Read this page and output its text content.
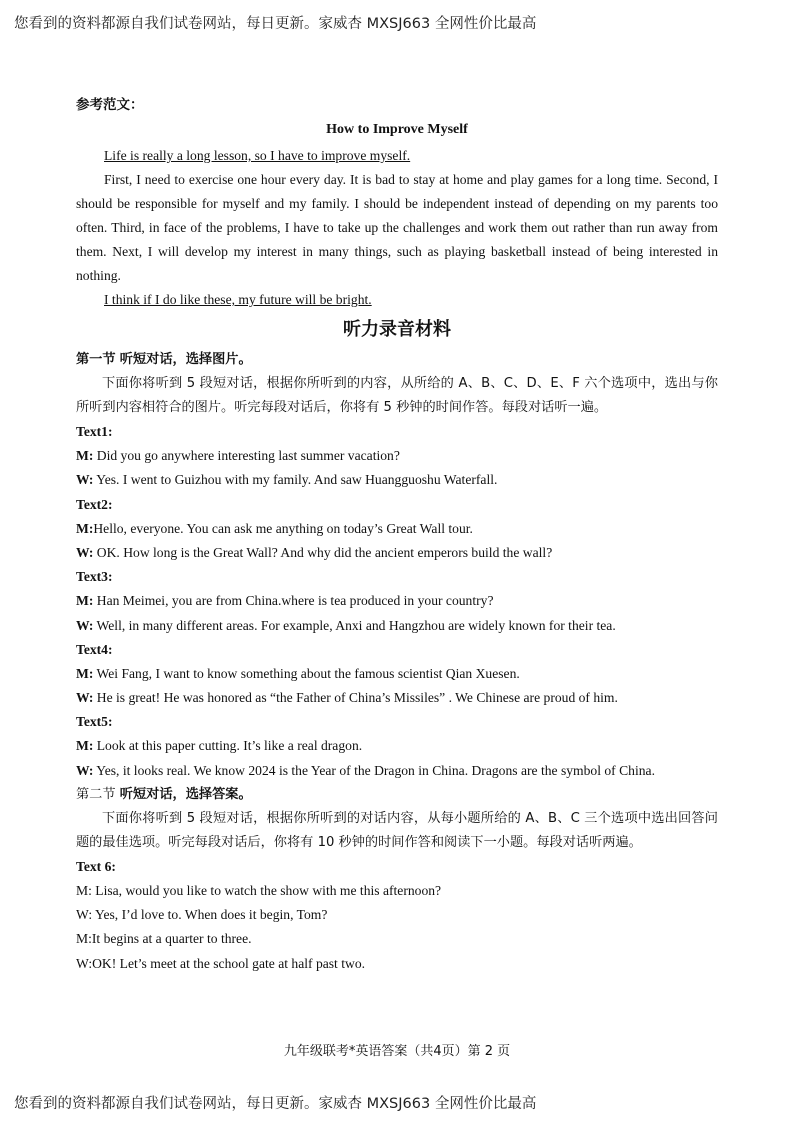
您看到的资料都源自我们试卷网站，每日更新。家威杏 MXSJ663 全网性价比最高

参考范文：

How to Improve Myself

Life is really a long lesson, so I have to improve myself.

First, I need to exercise one hour every day. It is bad to stay at home and play games for a long time. Second, I should be responsible for myself and my family. I should be independent instead of depending on my parents too often. Third, in face of the problems, I have to take up the challenges and work them out rather than run away from them. Next, I will develop my interest in many things, such as playing basketball instead of being interested in nothing.

I think if I do like these, my future will be bright.

听力录音材料

第一节 听短对话，选择图片。

下面你将听到 5 段短对话，根据你所听到的内容，从所给的 A、B、C、D、E、F 六个选项中，选出与你所听到内容相符合的图片。听完每段对话后，你将有 5 秒钟的时间作答。每段对话听一遍。

Text1:

M: Did you go anywhere interesting last summer vacation?

W: Yes. I went to Guizhou with my family. And saw Huangguoshu Waterfall.

Text2:

M:Hello, everyone. You can ask me anything on today’s Great Wall tour.

W: OK. How long is the Great Wall? And why did the ancient emperors build the wall?

Text3:

M: Han Meimei, you are from China.where is tea produced in your country?

W: Well, in many different areas. For example, Anxi and Hangzhou are widely known for their tea.

Text4:

M: Wei Fang, I want to know something about the famous scientist Qian Xuesen.

W: He is great! He was honored as “the Father of China’s Missiles” . We Chinese are proud of him.

Text5:

M: Look at this paper cutting. It’s like a real dragon.

W: Yes, it looks real. We know 2024 is the Year of the Dragon in China. Dragons are the symbol of China.

第二节 听短对话，选择答案。

下面你将听到 5 段短对话，根据你所听到的对话内容，从每小题所给的 A、B、C 三个选项中选出回答问题的最佳选项。听完每段对话后，你将有 10 秒钟的时间作答和阅读下一小题。每段对话听两遍。

Text 6:

M: Lisa, would you like to watch the show with me this afternoon?

W: Yes, I’d love to. When does it begin, Tom?

M:It begins at a quarter to three.

W:OK! Let’s meet at the school gate at half past two.

九年级联考*英语答案（共4页）第 2 页
您看到的资料都源自我们试卷网站，每日更新。家威杏 MXSJ663 全网性价比最高
